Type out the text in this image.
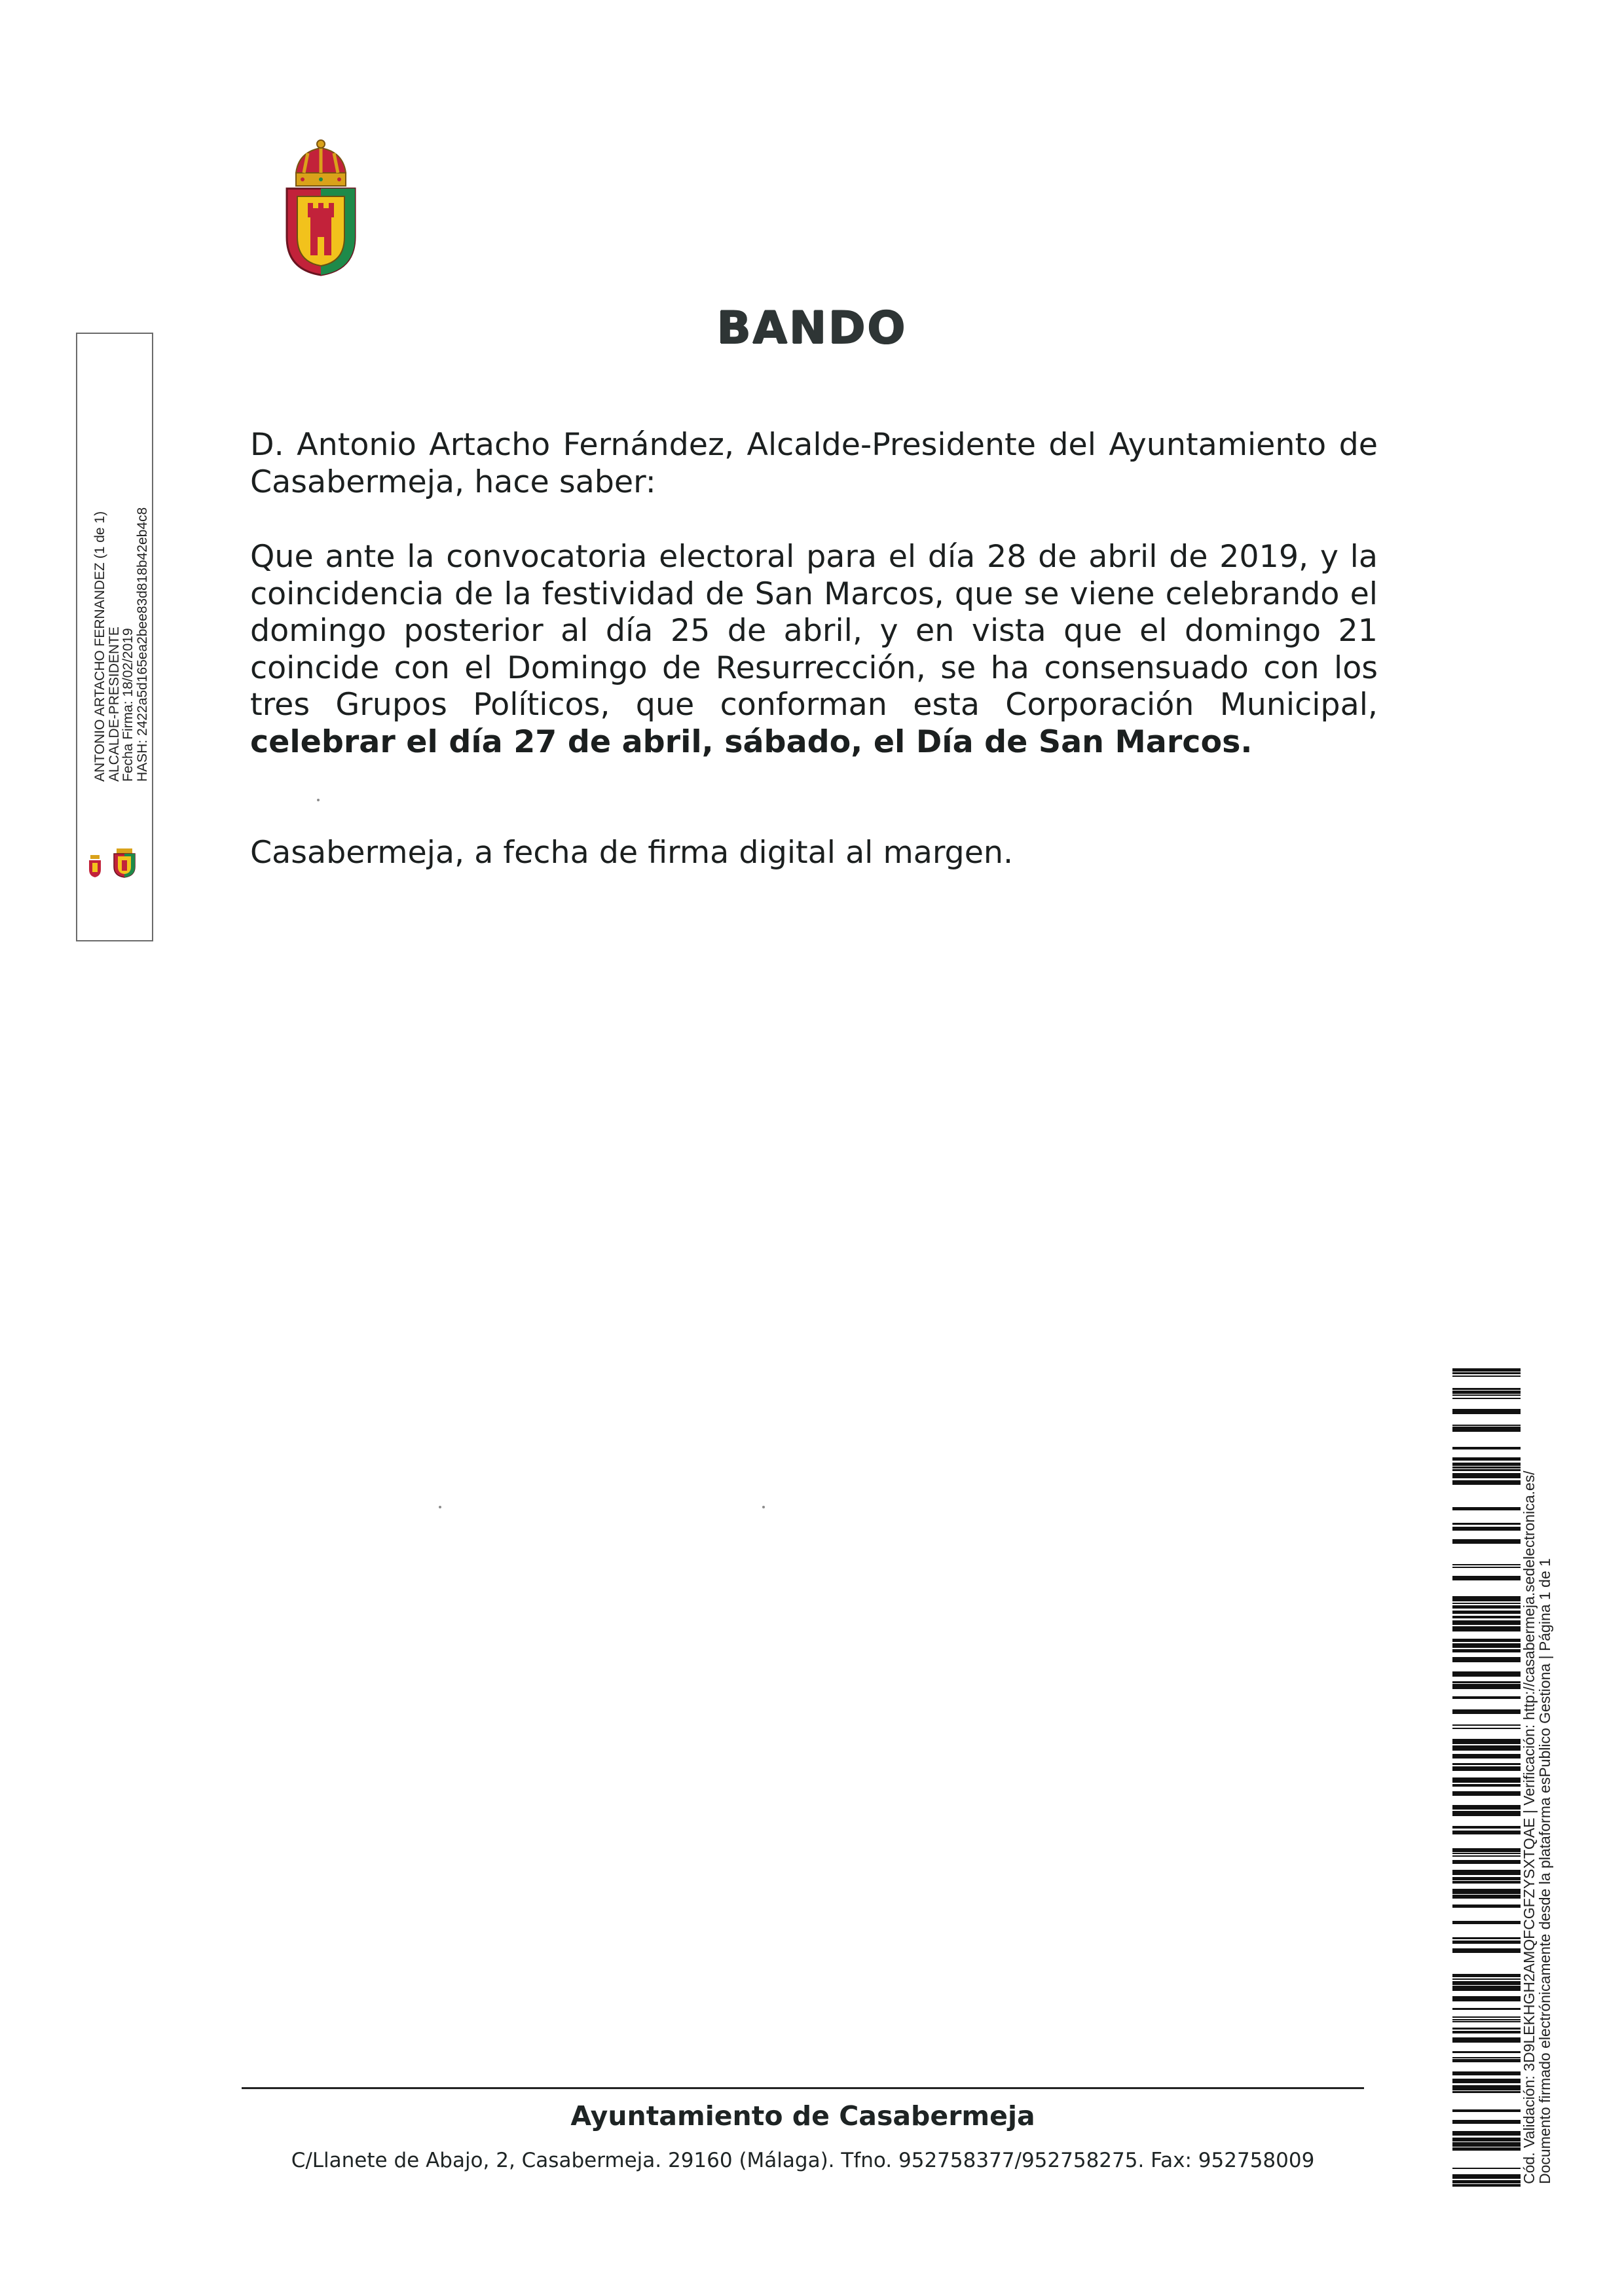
BANDO

D. Antonio Artacho Fernández, Alcalde-Presidente del Ayuntamiento de Casabermeja, hace saber:

Que ante la convocatoria electoral para el día 28 de abril de 2019, y la coincidencia de la festividad de San Marcos, que se viene celebrando el domingo posterior al día 25 de abril, y en vista que el domingo 21 coincide con el Domingo de Resurrección, se ha consensuado con los tres Grupos Políticos, que conforman esta Corporación Municipal, celebrar el día 27 de abril, sábado, el Día de San Marcos.

Casabermeja, a fecha de firma digital al margen.

ANTONIO ARTACHO FERNANDEZ (1 de 1)
ALCALDE-PRESIDENTE
Fecha Firma: 18/02/2019
HASH: 2422a5d165ea2bee83d818b42eb4c8
Cód. Validación: 3D9LEKHGH2AMQFCGFZYSXTQAE | Verificación: http://casabermeja.sedelectronica.es/
Documento firmado electrónicamente desde la plataforma esPublico Gestiona | Página 1 de 1
Ayuntamiento de Casabermeja
C/Llanete de Abajo, 2, Casabermeja. 29160 (Málaga). Tfno. 952758377/952758275. Fax: 952758009
